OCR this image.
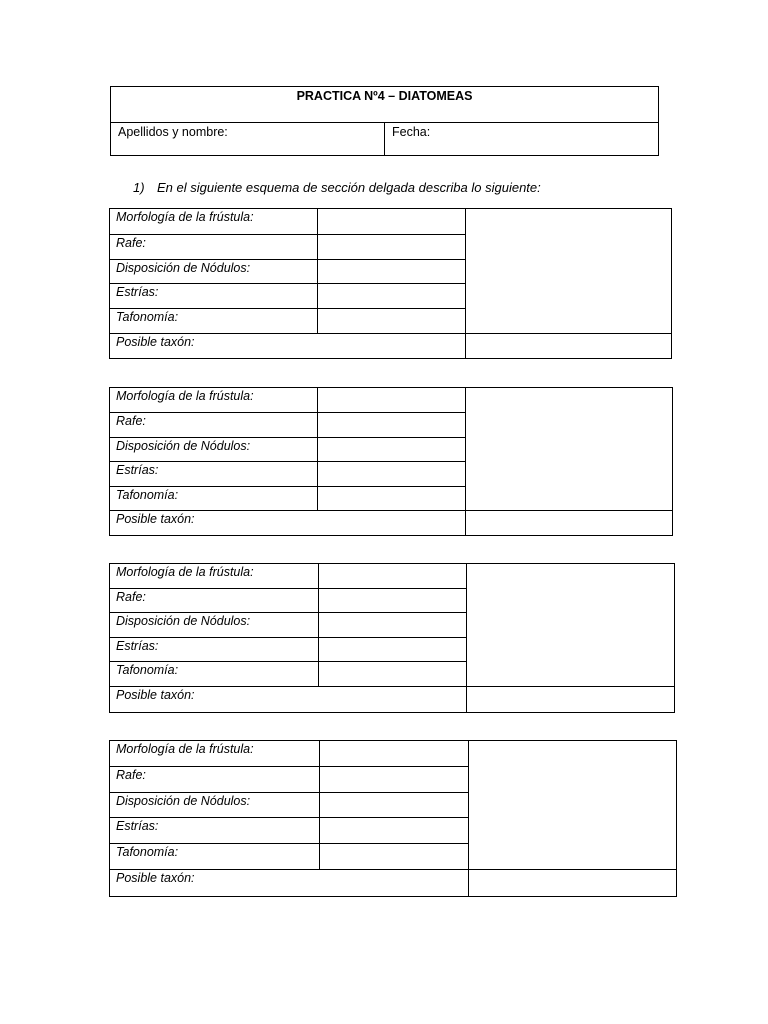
PRACTICA Nº4 – DIATOMEAS
Apellidos y nombre:	Fecha:
1) En el siguiente esquema de sección delgada describa lo siguiente:
Morfología de la frústula:		
Rafe:		
Disposición de Nódulos:		
Estrías:		
Tafonomía:		
Posible taxón:		
Morfología de la frústula:		
Rafe:		
Disposición de Nódulos:		
Estrías:		
Tafonomía:		
Posible taxón:		
Morfología de la frústula:		
Rafe:		
Disposición de Nódulos:		
Estrías:		
Tafonomía:		
Posible taxón:		
Morfología de la frústula:		
Rafe:		
Disposición de Nódulos:		
Estrías:		
Tafonomía:		
Posible taxón:		
